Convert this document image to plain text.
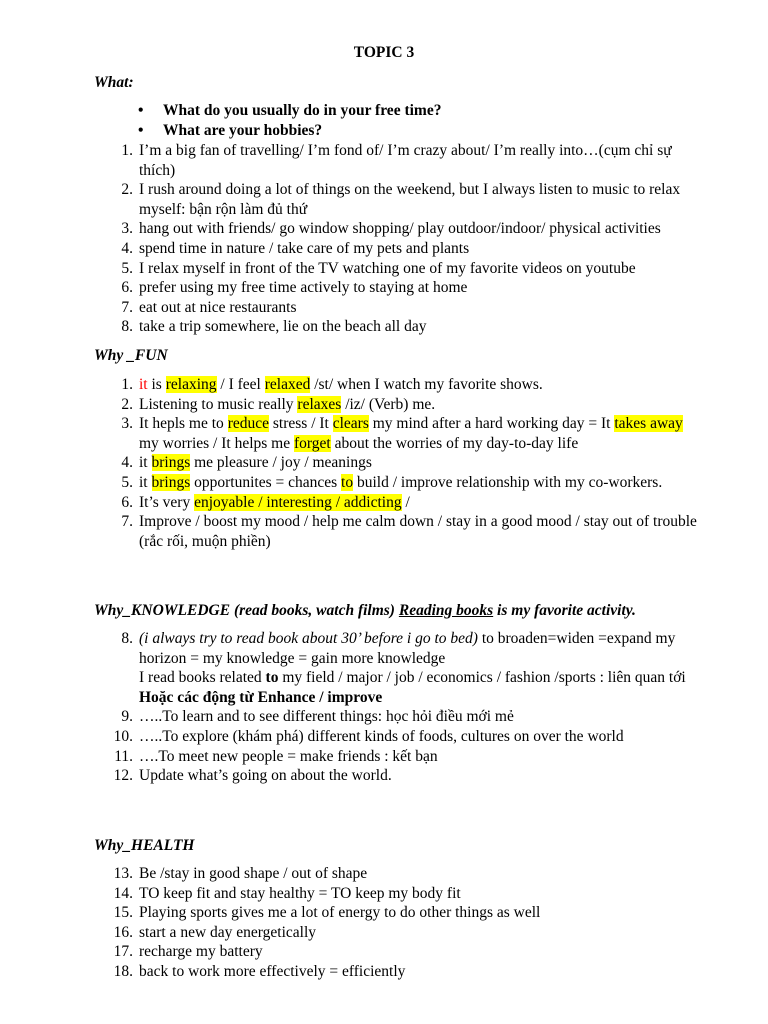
TOPIC 3
What:
• What do you usually do in your free time?
• What are your hobbies?
1. I’m a big fan of travelling/ I’m fond of/ I’m crazy about/ I’m really into…(cụm chỉ sự thích)
2. I rush around doing a lot of things on the weekend, but I always listen to music to relax myself: bận rộn làm đủ thứ
3. hang out with friends/ go window shopping/ play outdoor/indoor/ physical activities
4. spend time in nature / take care of my pets and plants
5. I relax myself in front of the TV watching one of my favorite videos on youtube
6. prefer using my free time actively to staying at home
7. eat out at nice restaurants
8. take a trip somewhere, lie on the beach all day
Why _FUN
1. it is relaxing / I feel relaxed /st/ when I watch my favorite shows.
2. Listening to music really relaxes /iz/ (Verb) me.
3. It hepls me to reduce stress / It clears my mind after a hard working day = It takes away my worries / It helps me forget about the worries of my day-to-day life
4. it brings me pleasure / joy / meanings
5. it brings opportunites = chances to build / improve relationship with my co-workers.
6. It’s very enjoyable / interesting / addicting /
7. Improve / boost my mood / help me calm down / stay in a good mood / stay out of trouble (rắc rối, muộn phiền)
Why_KNOWLEDGE (read books, watch films) Reading books is my favorite activity.
8. (i always try to read book about 30’ before i go to bed) to broaden=widen =expand my horizon = my knowledge = gain more knowledge
I read books related to my field / major / job / economics / fashion /sports : liên quan tới
Hoặc các động từ Enhance / improve
9. …..To learn and to see different things: học hỏi điều mới mẻ
10. …..To explore (khám phá) different kinds of foods, cultures on over the world
11. ….To meet new people = make friends : kết bạn
12. Update what’s going on about the world.
Why_HEALTH
13. Be /stay in good shape / out of shape
14. TO keep fit and stay healthy = TO keep my body fit
15. Playing sports gives me a lot of energy to do other things as well
16. start a new day energetically
17. recharge my battery
18. back to work more effectively = efficiently
